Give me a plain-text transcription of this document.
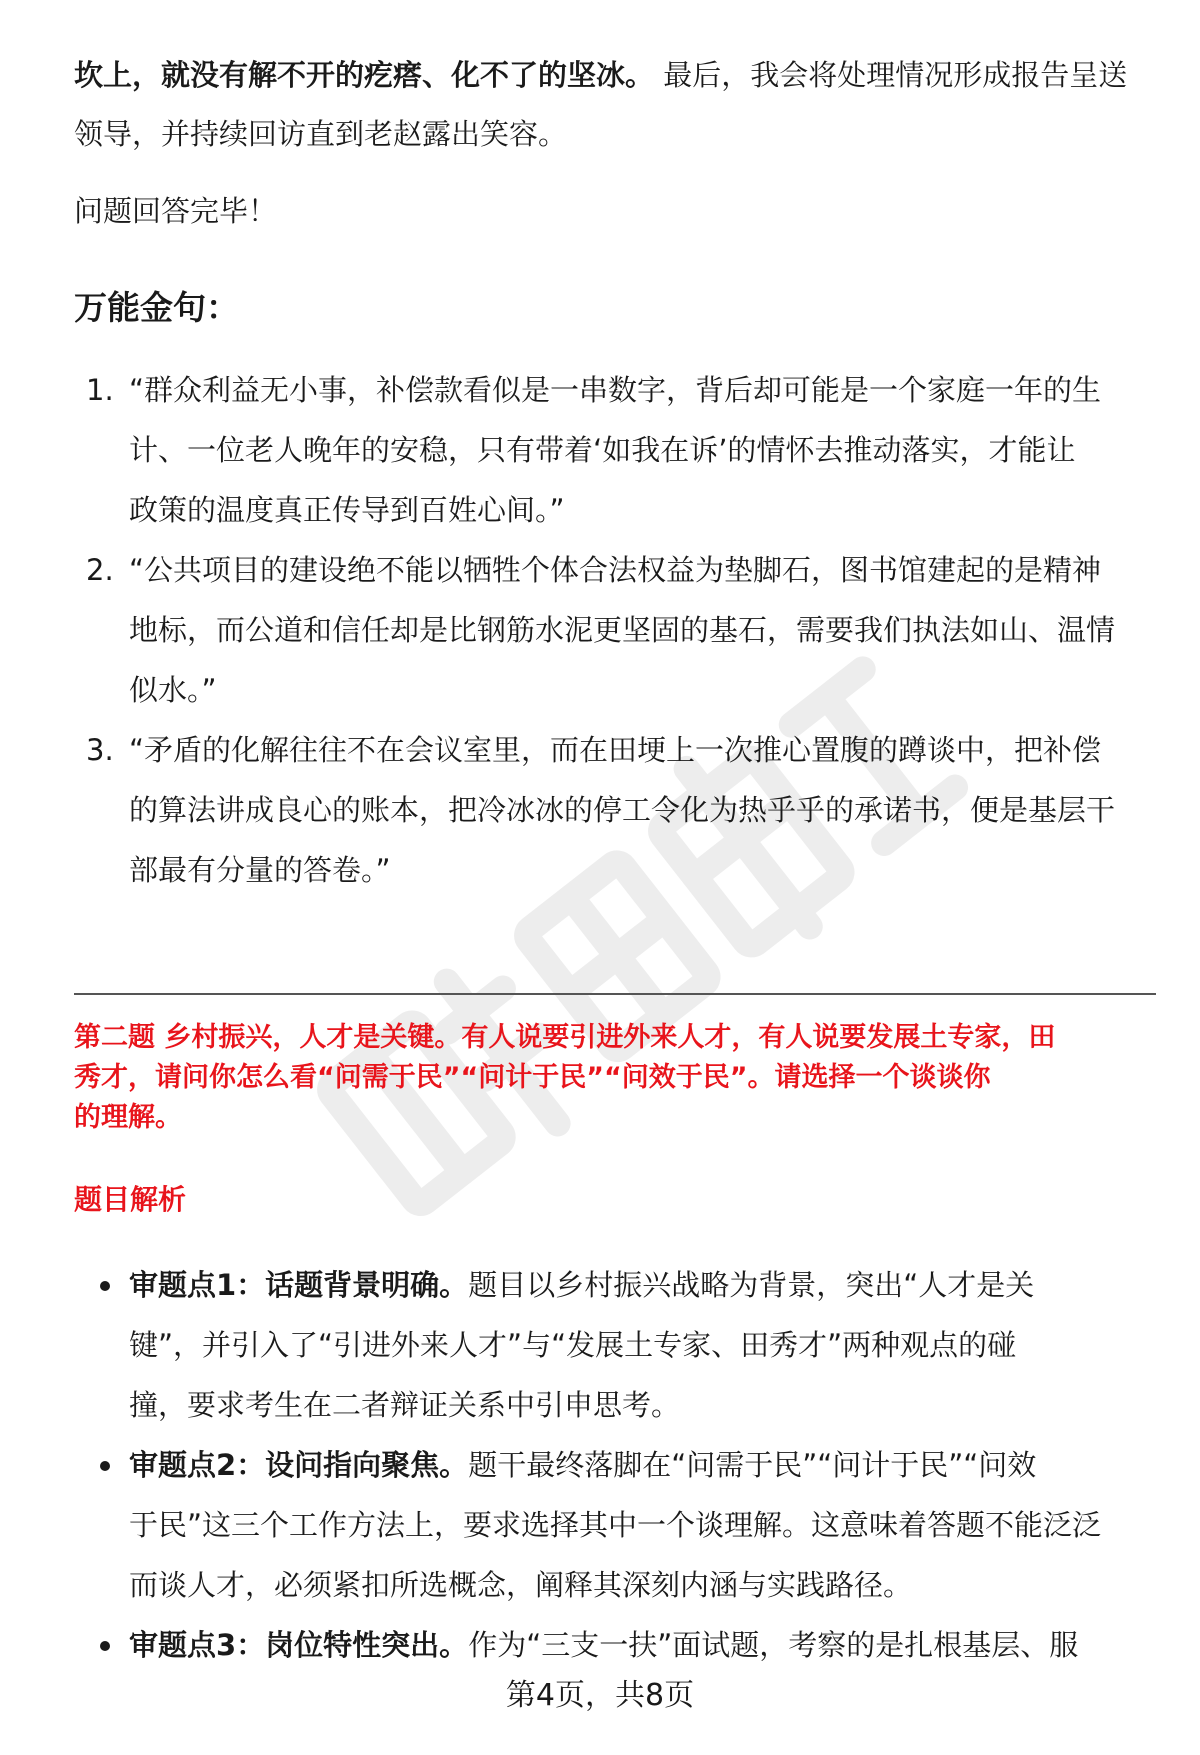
坎上，就没有解不开的疙瘩、化不了的坚冰。 最后，我会将处理情况形成报告呈送

领导，并持续回访直到老赵露出笑容。

问题回答完毕！

万能金句：

1. “群众利益无小事，补偿款看似是一串数字，背后却可能是一个家庭一年的生
计、一位老人晚年的安稳，只有带着‘如我在诉’的情怀去推动落实，才能让
政策的温度真正传导到百姓心间。”
2. “公共项目的建设绝不能以牺牲个体合法权益为垫脚石，图书馆建起的是精神
地标，而公道和信任却是比钢筋水泥更坚固的基石，需要我们执法如山、温情
似水。”
3. “矛盾的化解往往不在会议室里，而在田埂上一次推心置腹的蹲谈中，把补偿
的算法讲成良心的账本，把冷冰冰的停工令化为热乎乎的承诺书，便是基层干
部最有分量的答卷。”

第二题 乡村振兴，人才是关键。有人说要引进外来人才，有人说要发展土专家，田

秀才，请问你怎么看“问需于民”“问计于民”“问效于民”。请选择一个谈谈你

的理解。

题目解析

审题点1：话题背景明确。题目以乡村振兴战略为背景，突出“人才是关
键”，并引入了“引进外来人才”与“发展土专家、田秀才”两种观点的碰
撞，要求考生在二者辩证关系中引申思考。
审题点2：设问指向聚焦。题干最终落脚在“问需于民”“问计于民”“问效
于民”这三个工作方法上，要求选择其中一个谈理解。这意味着答题不能泛泛
而谈人才，必须紧扣所选概念，阐释其深刻内涵与实践路径。
审题点3：岗位特性突出。作为“三支一扶”面试题，考察的是扎根基层、服
第4页，共8页
